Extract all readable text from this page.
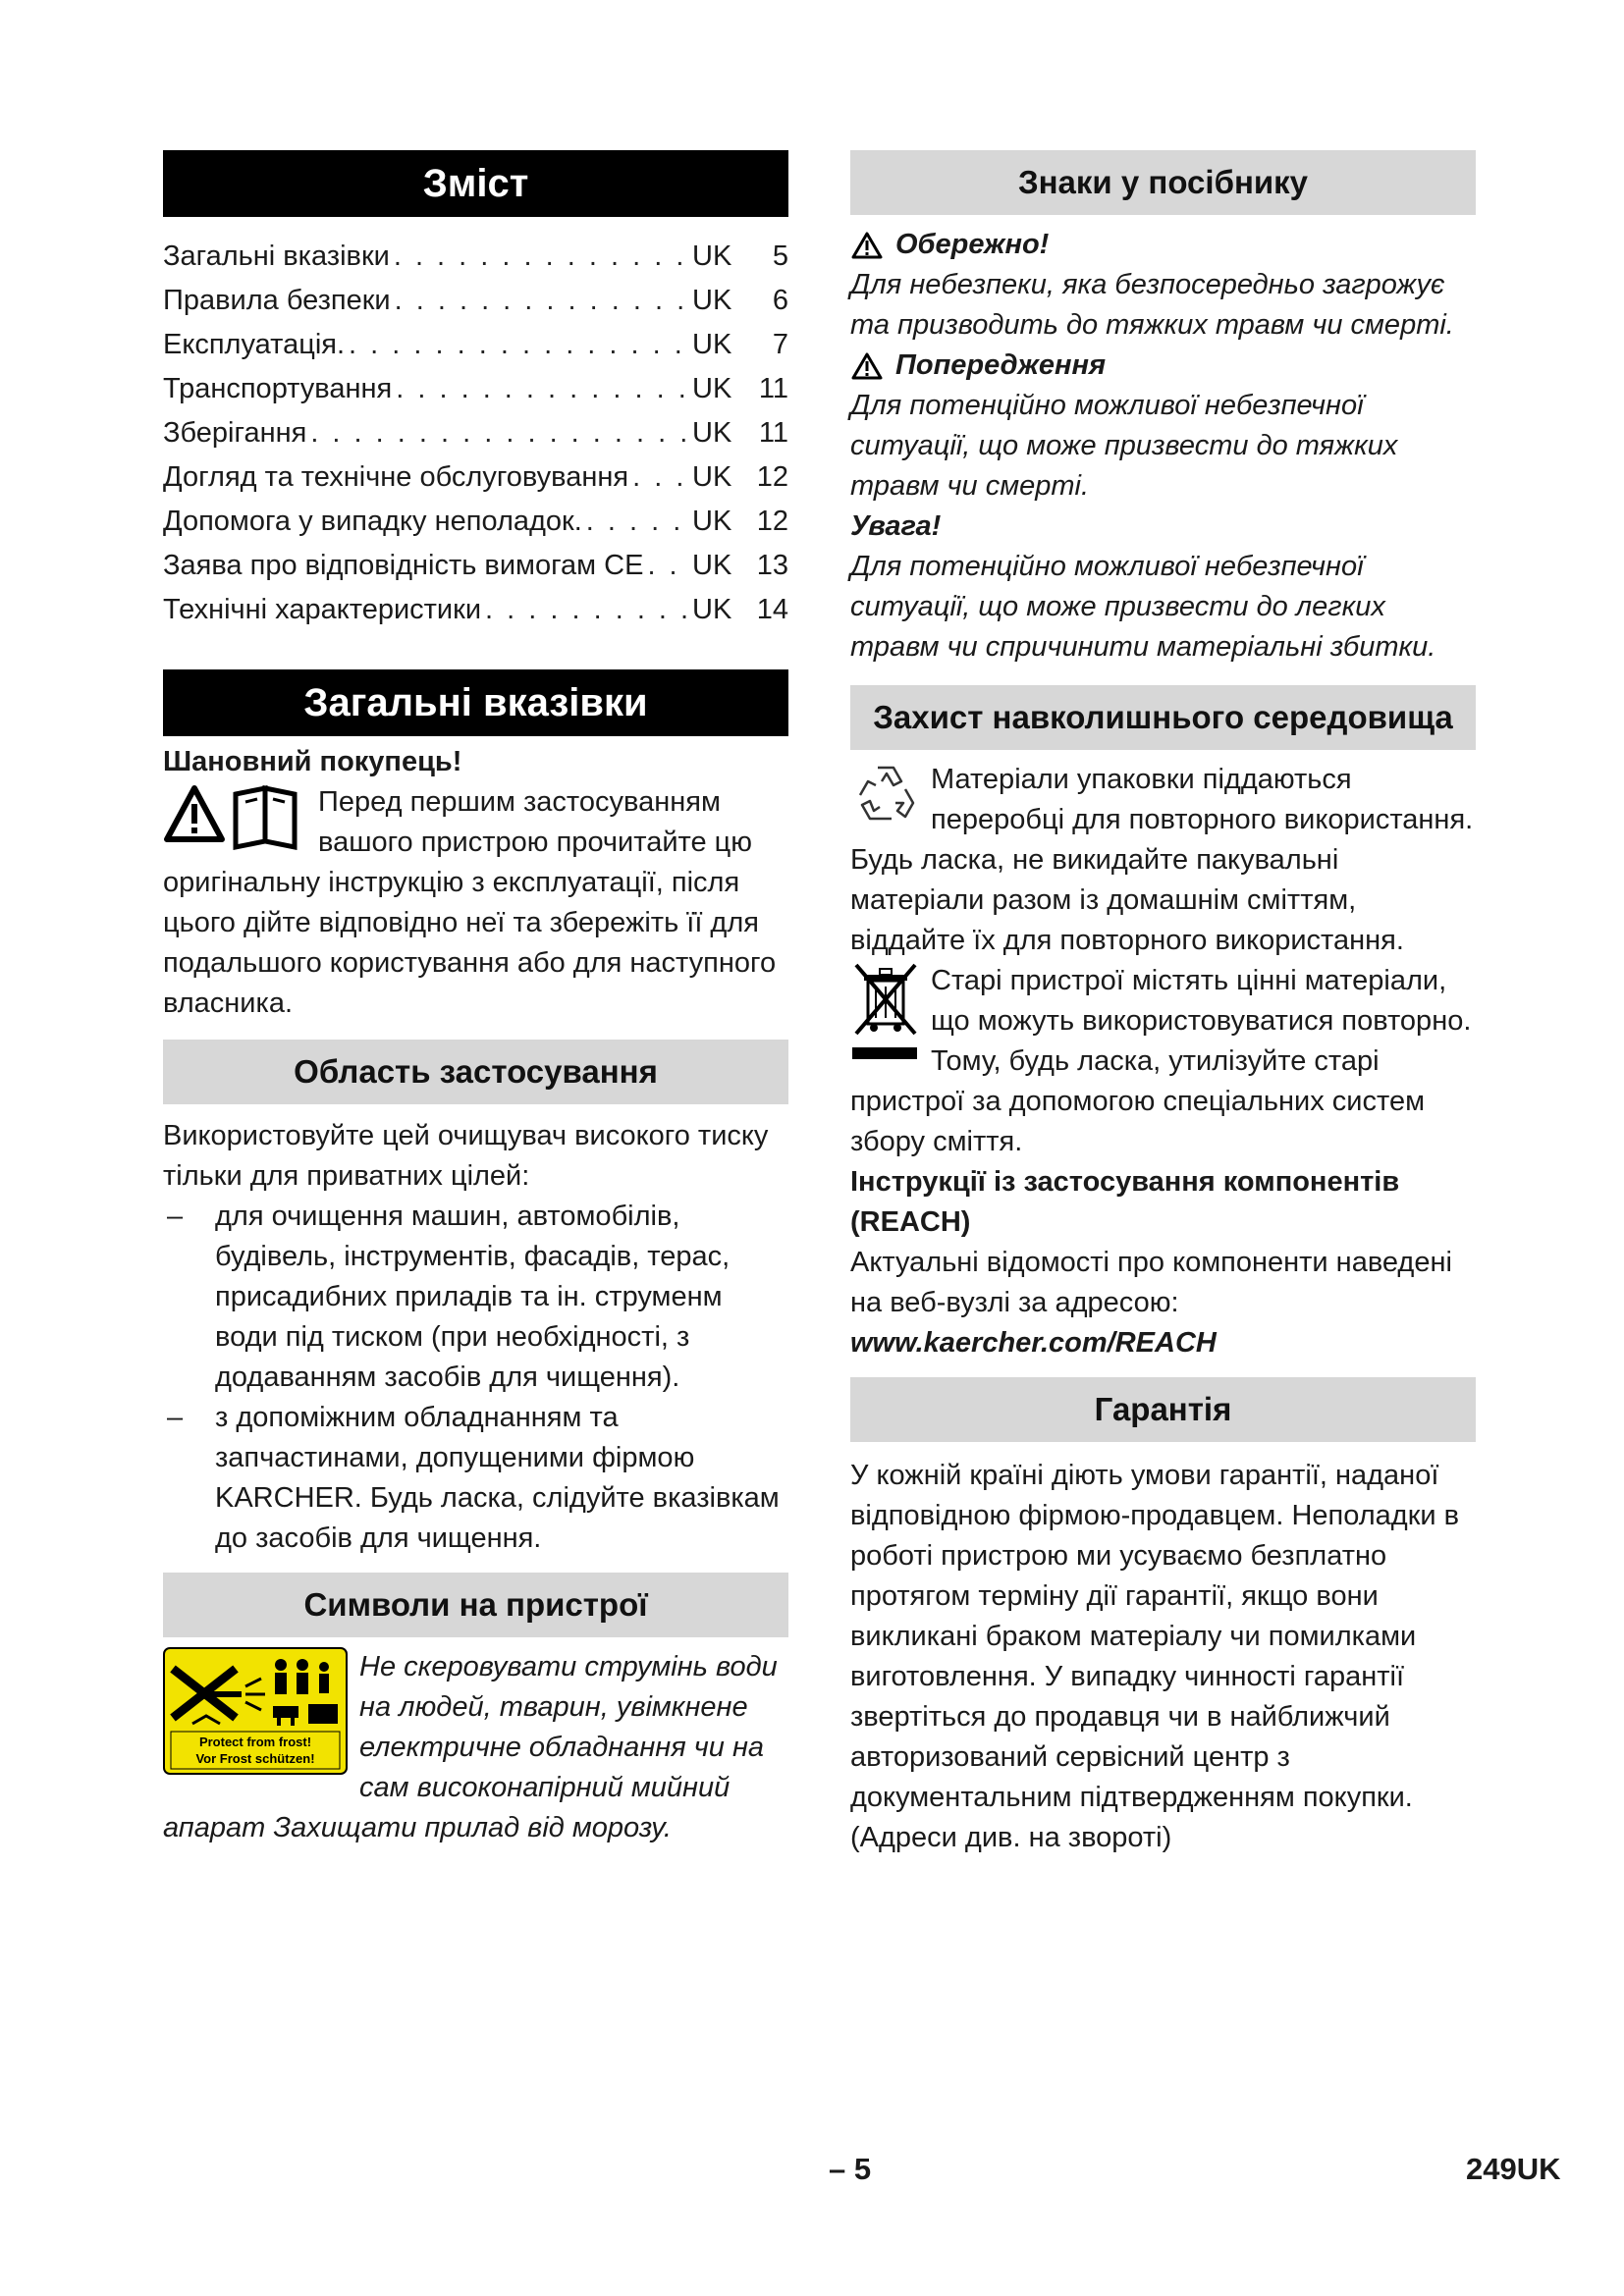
Зміст
Загальні вказівки . . .	UK	5
Правила безпеки . . .	UK	6
Експлуатація. . . .	UK	7
Транспортування . . .	UK 11
Зберігання . . .	UK 11
Догляд та технічне обслуговування . . . UK 12
Допомога у випадку неполадок. . . .	UK 12
Заява про відповідність вимогам CE . . . UK 13
Технічні характеристики . . .	UK 14
Загальні вказівки

Шановний покупець!

Перед першим застосуванням вашого пристрою прочитайте цю оригінальну інструкцію з експлуатації, після цього дійте відповідно неї та збережіть її для подальшого користування або для наступного власника.

Область застосування

Використовуйте цей очищувач високого тиску тільки для приватних цілей:

– для очищення машин, автомобілів, будівель, інструментів, фасадів, терас, присадибних приладів та ін. струменм води під тиском (при необхідності, з додаванням засобів для чищення).
– з допоміжним обладнанням та запчастинами, допущеними фірмою KARCHER. Будь ласка, слідуйте вказівкам до засобів для чищення.
Символи на пристрої
Protect from frost!
Vor Frost schützen!

Не скеровувати струмінь води на людей, тварин, увімкнене електричне обладнання чи на сам високонапірний мийний апарат Захищати прилад від морозу.

Знаки у посібнику
Обережно!

Для небезпеки, яка безпосередньо загрожує та призводить до тяжких травм чи смерті.

Попередження

Для потенційно можливої небезпечної ситуації, що може призвести до тяжких травм чи смерті.

Увага!

Для потенційно можливої небезпечної ситуації, що може призвести до легких травм чи спричинити матеріальні збитки.

Захист навколишнього середовища

Матеріали упаковки піддаються переробці для повторного використання. Будь ласка, не викидайте пакувальні матеріали разом із домашнім сміттям, віддайте їх для повторного використання.

Старі пристрої містять цінні матеріали, що можуть використовуватися повторно. Тому, будь ласка, утилізуйте старі пристрої за допомогою спеціальних систем збору сміття.

Інструкції із застосування компонентів (REACH)

Актуальні відомості про компоненти наведені на веб-вузлі за адресою:

www.kaercher.com/REACH
Гарантія

У кожній країні діють умови гарантії, наданої відповідною фірмою-продавцем. Неполадки в роботі пристрою ми усуваємо безплатно протягом терміну дії гарантії, якщо вони викликані браком матеріалу чи помилками виготовлення. У випадку чинності гарантії звертіться до продавця чи в найближчий авторизований сервісний центр з документальним підтвердженням покупки. (Адреси див. на звороті)

– 5	249UK
